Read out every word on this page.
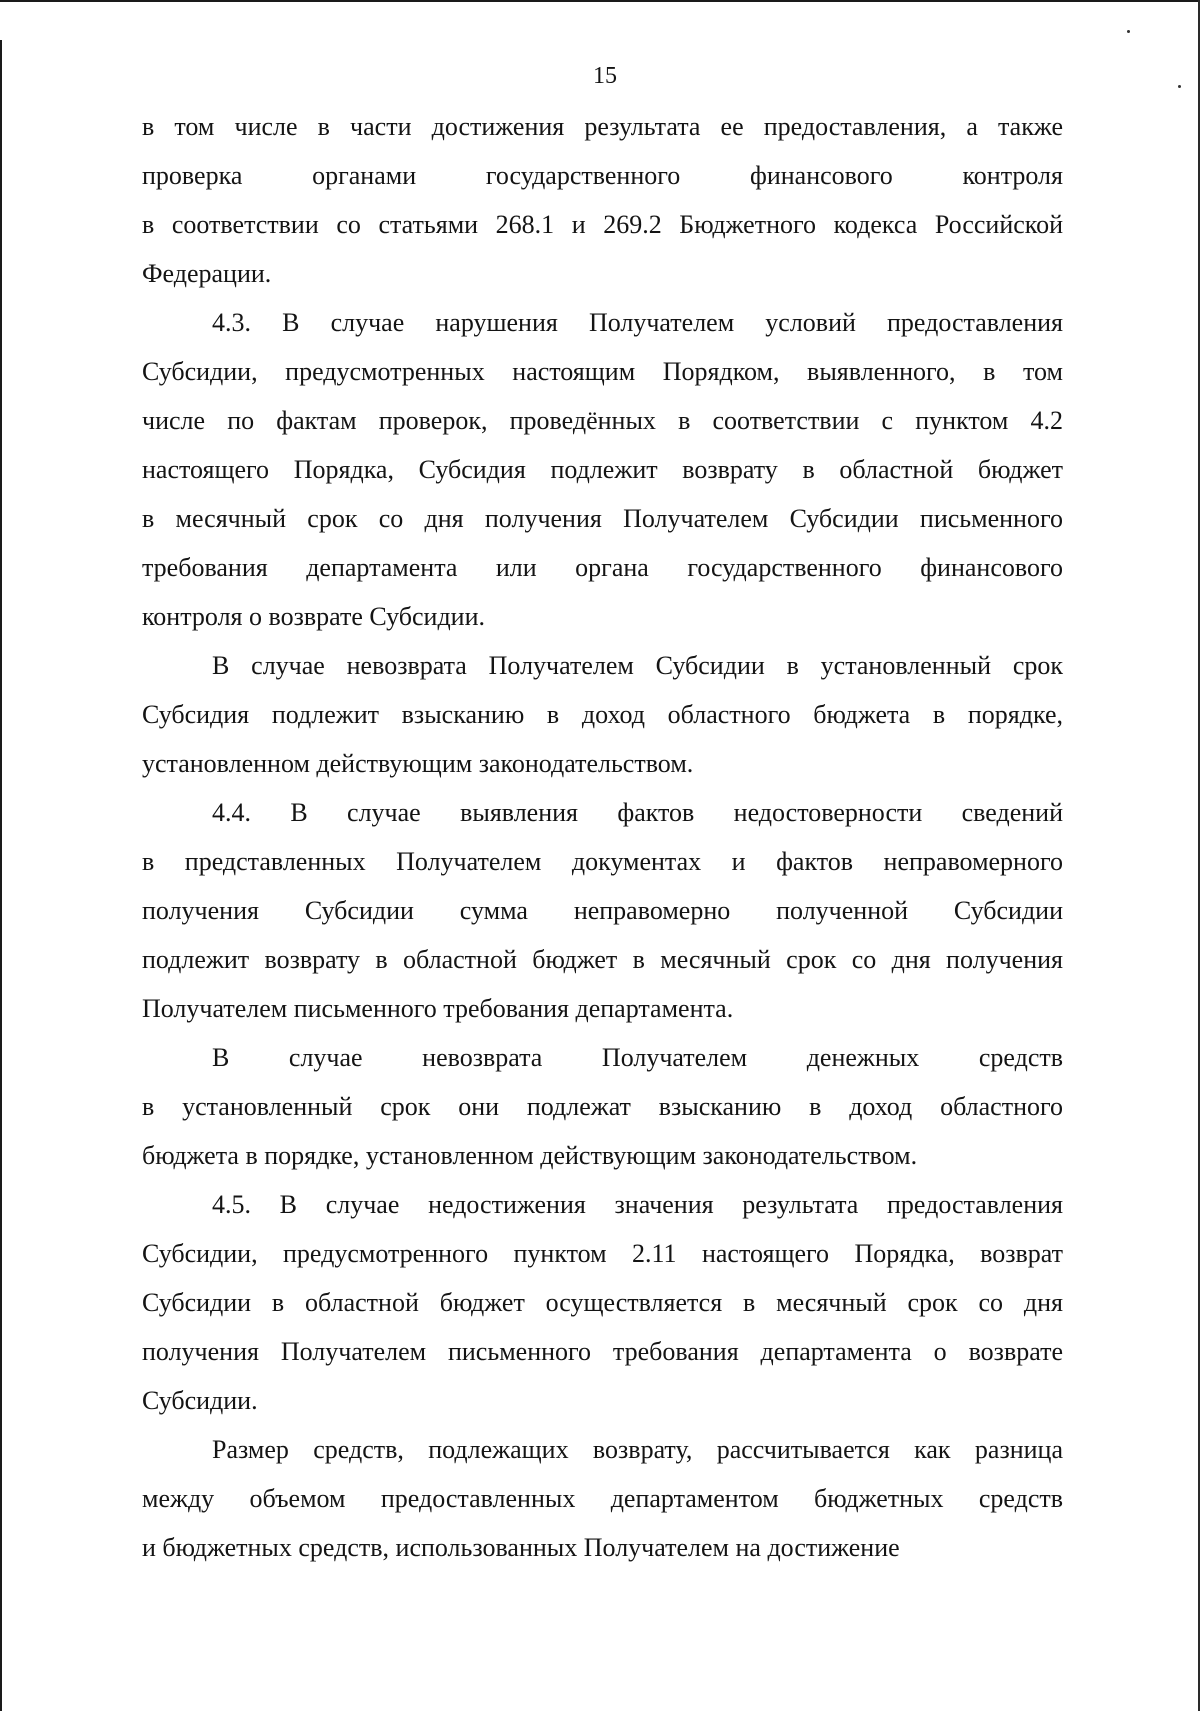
15
в том числе в части достижения результата ее предоставления, а также
проверка органами государственного финансового контроля
в соответствии со статьями 268.1 и 269.2 Бюджетного кодекса Российской
Федерации.
4.3. В случае нарушения Получателем условий предоставления
Субсидии, предусмотренных настоящим Порядком, выявленного, в том
числе по фактам проверок, проведённых в соответствии с пунктом 4.2
настоящего Порядка, Субсидия подлежит возврату в областной бюджет
в месячный срок со дня получения Получателем Субсидии письменного
требования департамента или органа государственного финансового
контроля о возврате Субсидии.
В случае невозврата Получателем Субсидии в установленный срок
Субсидия подлежит взысканию в доход областного бюджета в порядке,
установленном действующим законодательством.
4.4. В случае выявления фактов недостоверности сведений
в представленных Получателем документах и фактов неправомерного
получения Субсидии сумма неправомерно полученной Субсидии
подлежит возврату в областной бюджет в месячный срок со дня получения
Получателем письменного требования департамента.
В случае невозврата Получателем денежных средств
в установленный срок они подлежат взысканию в доход областного
бюджета в порядке, установленном действующим законодательством.
4.5. В случае недостижения значения результата предоставления
Субсидии, предусмотренного пунктом 2.11 настоящего Порядка, возврат
Субсидии в областной бюджет осуществляется в месячный срок со дня
получения Получателем письменного требования департамента о возврате
Субсидии.
Размер средств, подлежащих возврату, рассчитывается как разница
между объемом предоставленных департаментом бюджетных средств
и бюджетных средств, использованных Получателем на достижение
